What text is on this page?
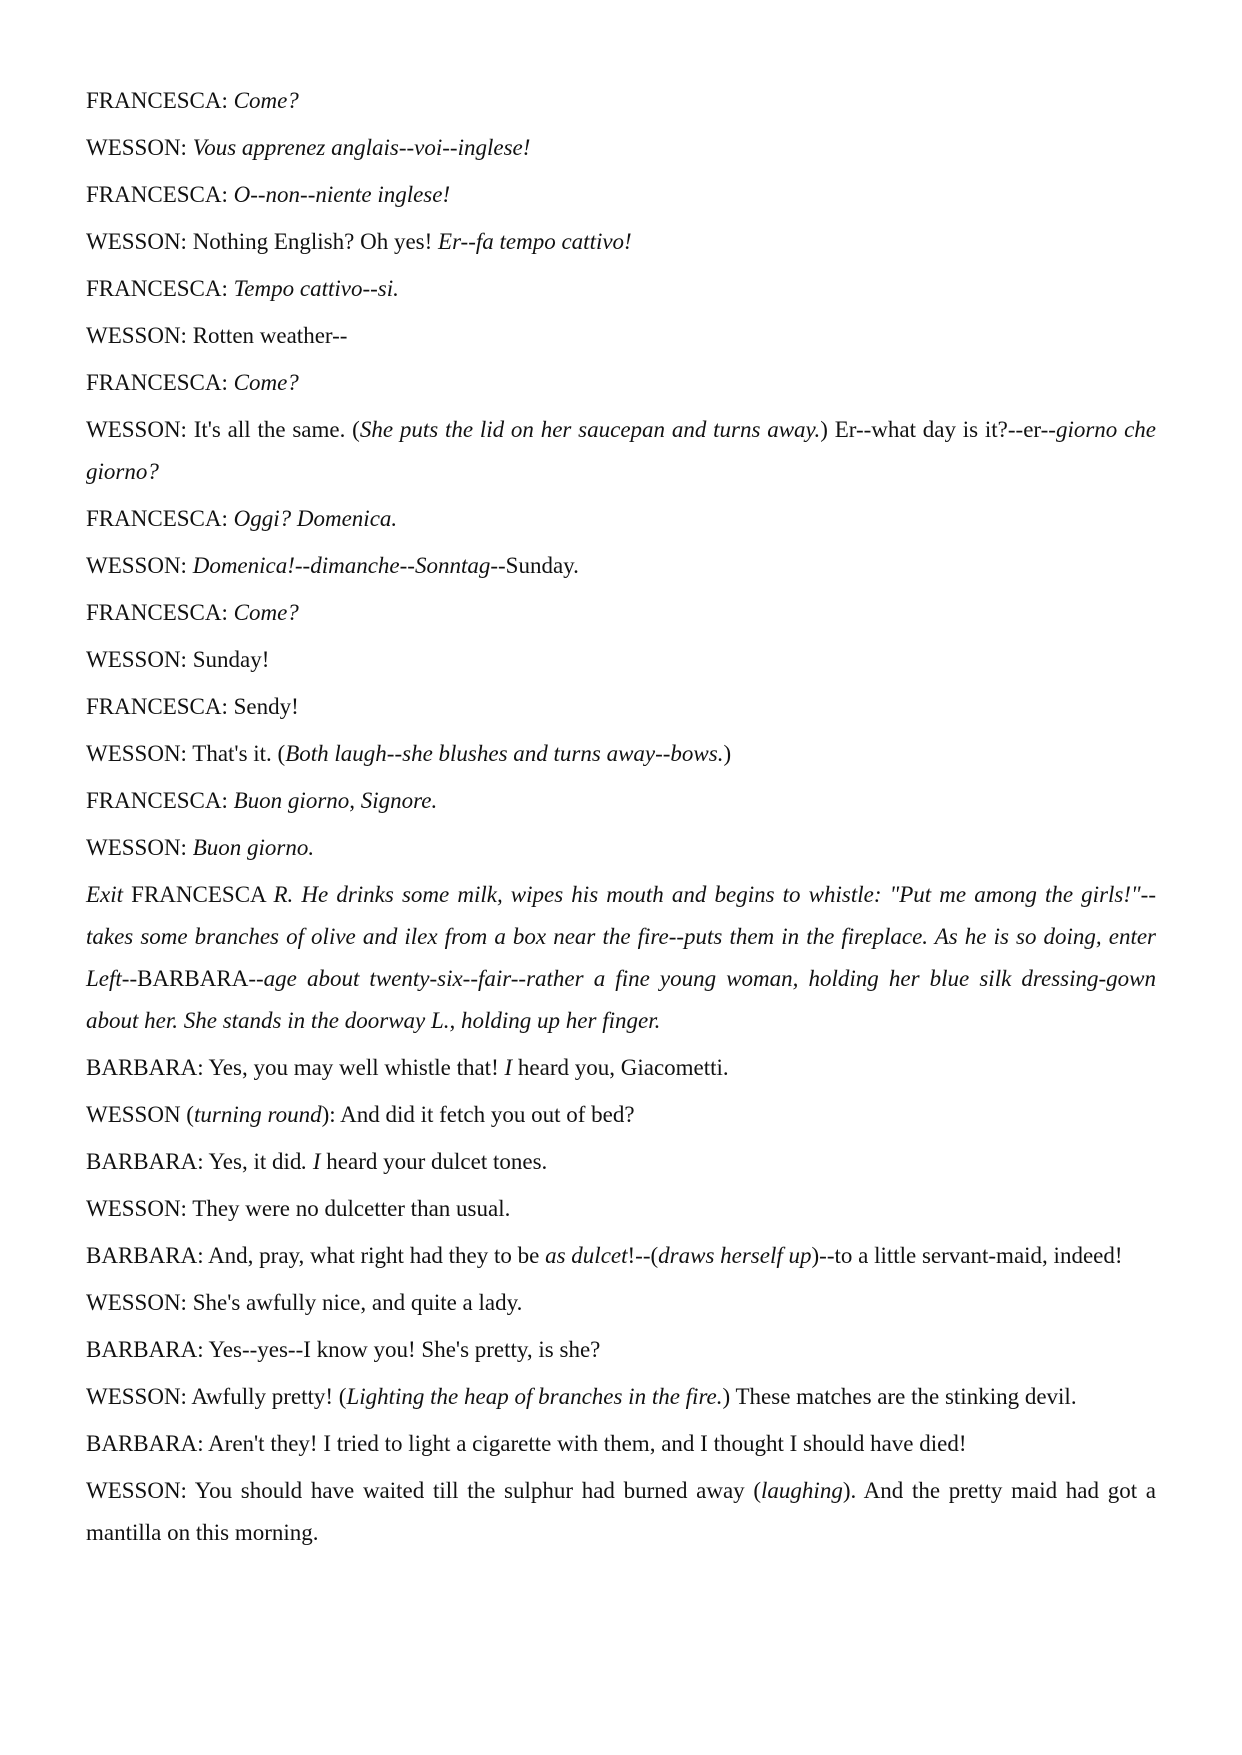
FRANCESCA: Come?

WESSON: Vous apprenez anglais--voi--inglese!

FRANCESCA: O--non--niente inglese!

WESSON: Nothing English? Oh yes! Er--fa tempo cattivo!

FRANCESCA: Tempo cattivo--si.

WESSON: Rotten weather--

FRANCESCA: Come?

WESSON: It's all the same. (She puts the lid on her saucepan and turns away.) Er--what day is it?--er--giorno che giorno?

FRANCESCA: Oggi? Domenica.

WESSON: Domenica!--dimanche--Sonntag--Sunday.

FRANCESCA: Come?

WESSON: Sunday!

FRANCESCA: Sendy!

WESSON: That's it. (Both laugh--she blushes and turns away--bows.)

FRANCESCA: Buon giorno, Signore.

WESSON: Buon giorno.

Exit FRANCESCA R. He drinks some milk, wipes his mouth and begins to whistle: "Put me among the girls!"--takes some branches of olive and ilex from a box near the fire--puts them in the fireplace. As he is so doing, enter Left--BARBARA--age about twenty-six--fair--rather a fine young woman, holding her blue silk dressing-gown about her. She stands in the doorway L., holding up her finger.

BARBARA: Yes, you may well whistle that! I heard you, Giacometti.

WESSON (turning round): And did it fetch you out of bed?

BARBARA: Yes, it did. I heard your dulcet tones.

WESSON: They were no dulcetter than usual.

BARBARA: And, pray, what right had they to be as dulcet!--(draws herself up)--to a little servant-maid, indeed!

WESSON: She's awfully nice, and quite a lady.

BARBARA: Yes--yes--I know you! She's pretty, is she?

WESSON: Awfully pretty! (Lighting the heap of branches in the fire.) These matches are the stinking devil.

BARBARA: Aren't they! I tried to light a cigarette with them, and I thought I should have died!

WESSON: You should have waited till the sulphur had burned away (laughing). And the pretty maid had got a mantilla on this morning.
